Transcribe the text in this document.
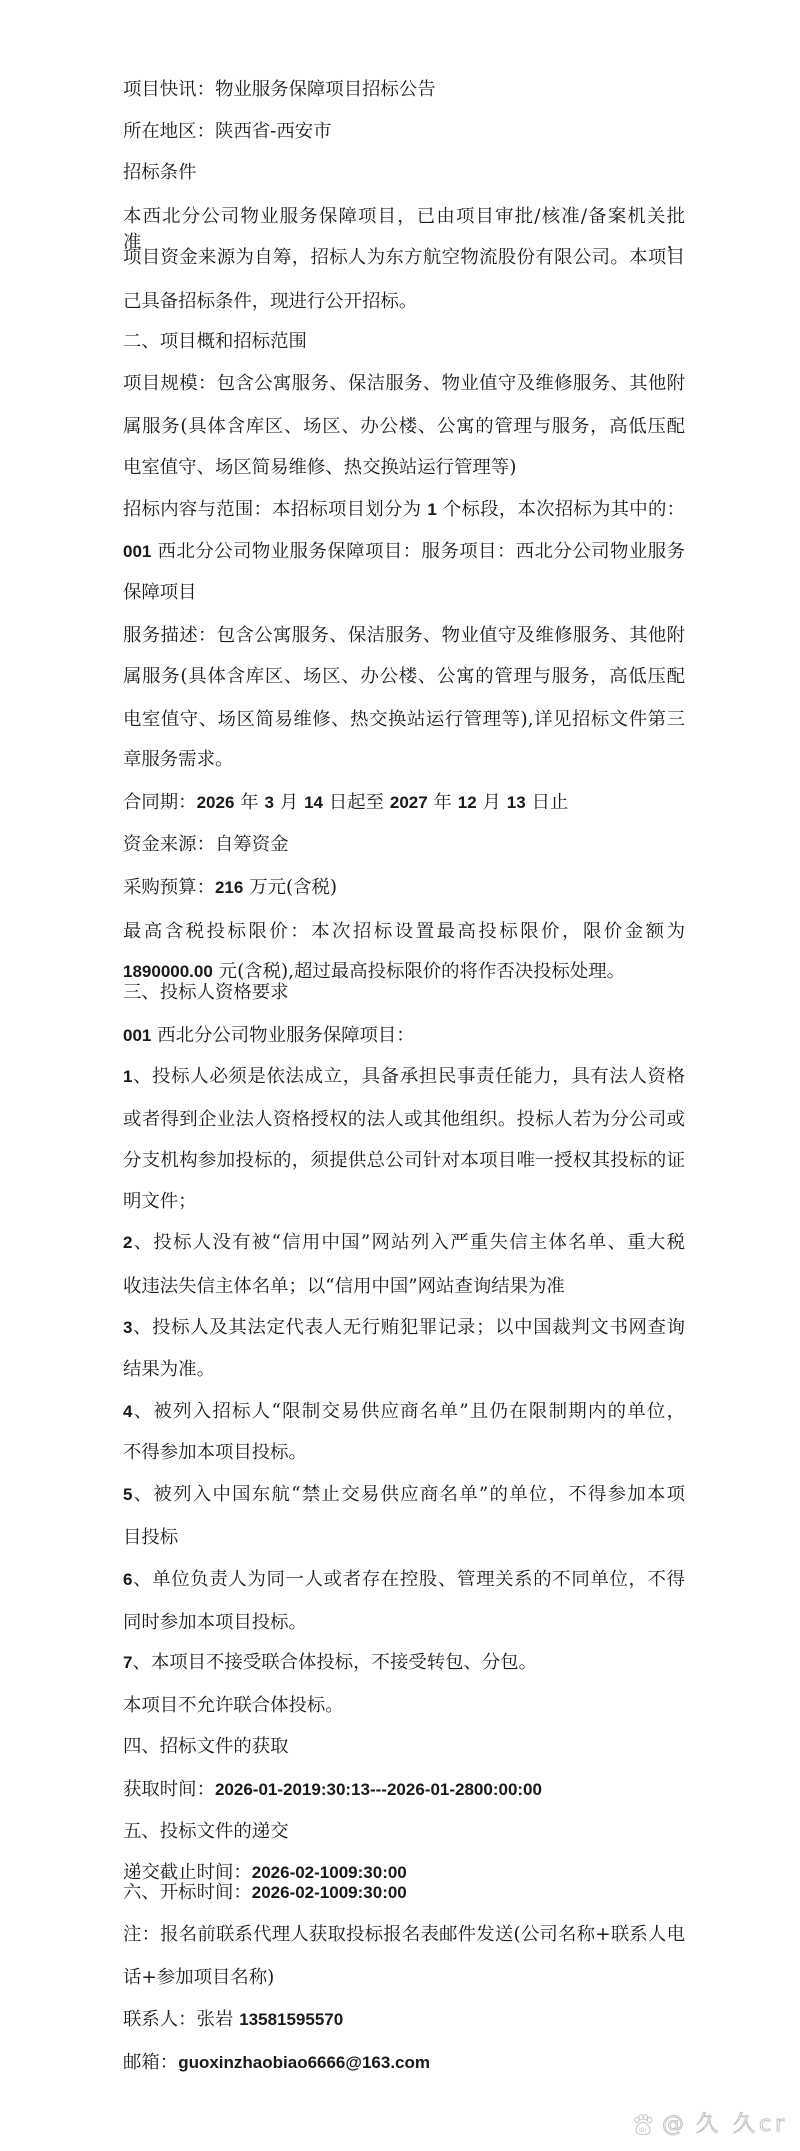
项目快讯：物业服务保障项目招标公告
所在地区：陕西省-西安市
招标条件
本西北分公司物业服务保障项目，已由项目审批/核准/备案机关批准，
项目资金来源为自筹，招标人为东方航空物流股份有限公司。本项目
己具备招标条件，现进行公开招标。
二、项目概和招标范围
项目规模：包含公寓服务、保洁服务、物业值守及维修服务、其他附
属服务(具体含库区、场区、办公楼、公寓的管理与服务，高低压配
电室值守、场区简易维修、热交换站运行管理等)
招标内容与范围：本招标项目划分为 1 个标段，本次招标为其中的：
001 西北分公司物业服务保障项目：服务项目：西北分公司物业服务
保障项目
服务描述：包含公寓服务、保洁服务、物业值守及维修服务、其他附
属服务(具体含库区、场区、办公楼、公寓的管理与服务，高低压配
电室值守、场区简易维修、热交换站运行管理等),详见招标文件第三
章服务需求。
合同期：2026 年 3 月 14 日起至 2027 年 12 月 13 日止
资金来源：自筹资金
采购预算：216 万元(含税)
最高含税投标限价：本次招标设置最高投标限价，限价金额为
1890000.00 元(含税),超过最高投标限价的将作否决投标处理。
三、投标人资格要求
001 西北分公司物业服务保障项目：
1、投标人必须是依法成立，具备承担民事责任能力，具有法人资格
或者得到企业法人资格授权的法人或其他组织。投标人若为分公司或
分支机构参加投标的，须提供总公司针对本项目唯一授权其投标的证
明文件；
2、投标人没有被“信用中国”网站列入严重失信主体名单、重大税
收违法失信主体名单；以“信用中国”网站查询结果为准
3、投标人及其法定代表人无行贿犯罪记录；以中国裁判文书网查询
结果为准。
4、被列入招标人“限制交易供应商名单”且仍在限制期内的单位，
不得参加本项目投标。
5、被列入中国东航“禁止交易供应商名单”的单位，不得参加本项
目投标
6、单位负责人为同一人或者存在控股、管理关系的不同单位，不得
同时参加本项目投标。
7、本项目不接受联合体投标，不接受转包、分包。
本项目不允许联合体投标。
四、招标文件的获取
获取时间：2026-01-2019:30:13---2026-01-2800:00:00
五、投标文件的递交
递交截止时间：2026-02-1009:30:00
六、开标时间：2026-02-1009:30:00
注：报名前联系代理人获取投标报名表邮件发送(公司名称+联系人电
话+参加项目名称)
联系人：张岩 13581595570
邮箱：guoxinzhaobiao6666@163.com
du @ 久 久cr
